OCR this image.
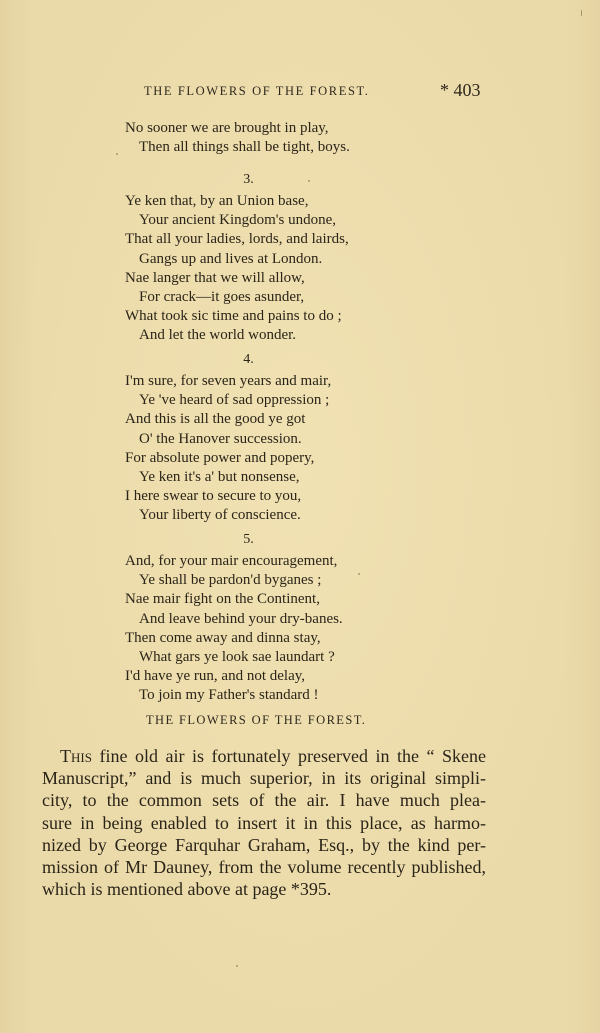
THE FLOWERS OF THE FOREST.	* 403
No sooner we are brought in play,
Then all things shall be tight, boys.
3.
Ye ken that, by an Union base,
Your ancient Kingdom's undone,
That all your ladies, lords, and lairds,
Gangs up and lives at London.
Nae langer that we will allow,
For crack—it goes asunder,
What took sic time and pains to do ;
And let the world wonder.
4.
I'm sure, for seven years and mair,
Ye 've heard of sad oppression ;
And this is all the good ye got
O' the Hanover succession.
For absolute power and popery,
Ye ken it's a' but nonsense,
I here swear to secure to you,
Your liberty of conscience.
5.
And, for your mair encouragement,
Ye shall be pardon'd byganes ;
Nae mair fight on the Continent,
And leave behind your dry-banes.
Then come away and dinna stay,
What gars ye look sae laundart ?
I'd have ye run, and not delay,
To join my Father's standard !
THE FLOWERS OF THE FOREST.
This fine old air is fortunately preserved in the “ Skene
Manuscript,” and is much superior, in its original simpli-
city, to the common sets of the air. I have much plea-
sure in being enabled to insert it in this place, as harmo-
nized by George Farquhar Graham, Esq., by the kind per-
mission of Mr Dauney, from the volume recently published,
which is mentioned above at page *395.
